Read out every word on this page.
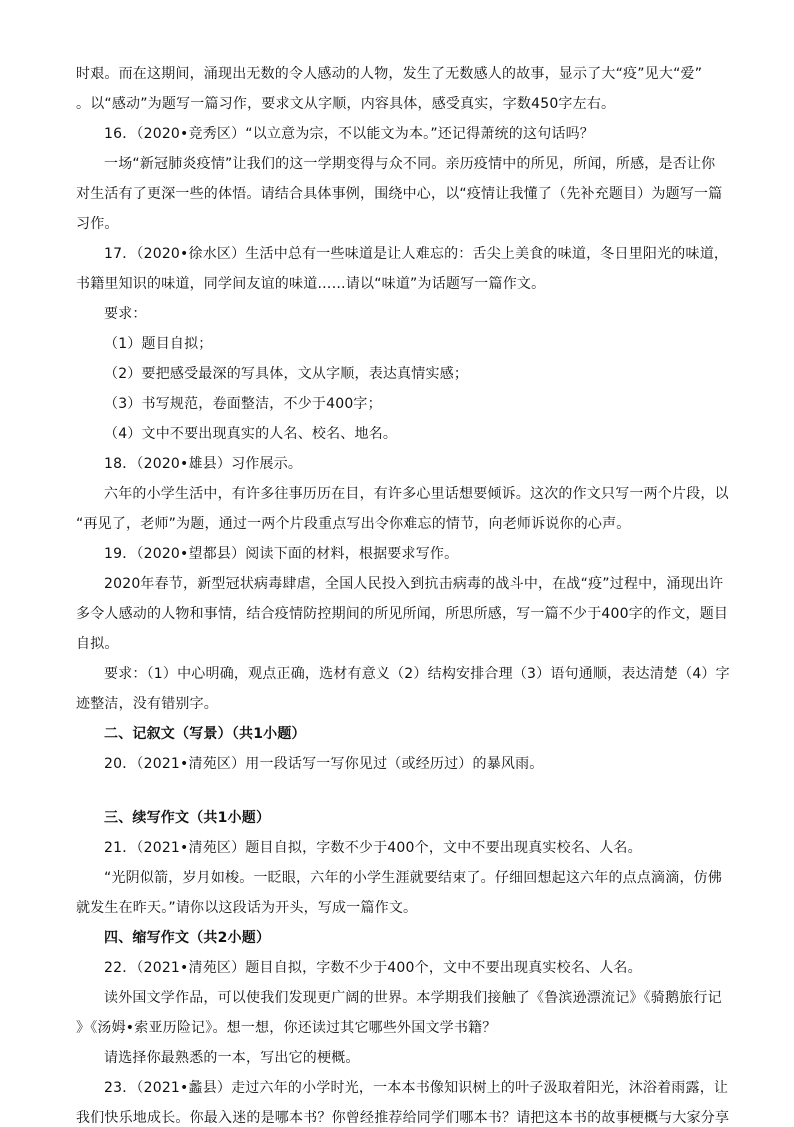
时艰。而在这期间，涌现出无数的令人感动的人物，发生了无数感人的故事，显示了大“疫”见大“爱”
。以“感动”为题写一篇习作，要求文从字顺，内容具体，感受真实，字数450字左右。
16．（2020•竞秀区）“以立意为宗，不以能文为本。”还记得萧统的这句话吗？
一场“新冠肺炎疫情”让我们的这一学期变得与众不同。亲历疫情中的所见，所闻，所感，是否让你
对生活有了更深一些的体悟。请结合具体事例，围绕中心，以“疫情让我懂了（先补充题目）为题写一篇
习作。
17．（2020•徐水区）生活中总有一些味道是让人难忘的：舌尖上美食的味道，冬日里阳光的味道，
书籍里知识的味道，同学间友谊的味道……请以“味道”为话题写一篇作文。
要求：
（1）题目自拟；
（2）要把感受最深的写具体，文从字顺，表达真情实感；
（3）书写规范，卷面整洁，不少于400字；
（4）文中不要出现真实的人名、校名、地名。
18．（2020•雄县）习作展示。
六年的小学生活中，有许多往事历历在目，有许多心里话想要倾诉。这次的作文只写一两个片段，以
“再见了，老师”为题，通过一两个片段重点写出令你难忘的情节，向老师诉说你的心声。
19．（2020•望都县）阅读下面的材料，根据要求写作。
2020年春节，新型冠状病毒肆虐，全国人民投入到抗击病毒的战斗中，在战“疫”过程中，涌现出许
多令人感动的人物和事情，结合疫情防控期间的所见所闻，所思所感，写一篇不少于400字的作文，题目
自拟。
要求：（1）中心明确，观点正确，选材有意义（2）结构安排合理（3）语句通顺，表达清楚（4）字
迹整洁，没有错别字。
二、记叙文（写景）（共1小题）
20．（2021•清苑区）用一段话写一写你见过（或经历过）的暴风雨。
三、续写作文（共1小题）
21．（2021•清苑区）题目自拟，字数不少于400个，文中不要出现真实校名、人名。
“光阴似箭，岁月如梭。一眨眼，六年的小学生涯就要结束了。仔细回想起这六年的点点滴滴，仿佛
就发生在昨天。”请你以这段话为开头，写成一篇作文。
四、缩写作文（共2小题）
22．（2021•清苑区）题目自拟，字数不少于400个，文中不要出现真实校名、人名。
读外国文学作品，可以使我们发现更广阔的世界。本学期我们接触了《鲁滨逊漂流记》《骑鹅旅行记
》《汤姆•索亚历险记》。想一想，你还读过其它哪些外国文学书籍？
请选择你最熟悉的一本，写出它的梗概。
23．（2021•蠡县）走过六年的小学时光，一本本书像知识树上的叶子汲取着阳光，沐浴着雨露，让
我们快乐地成长。你最入迷的是哪本书？你曾经推荐给同学们哪本书？请把这本书的故事梗概与大家分享
